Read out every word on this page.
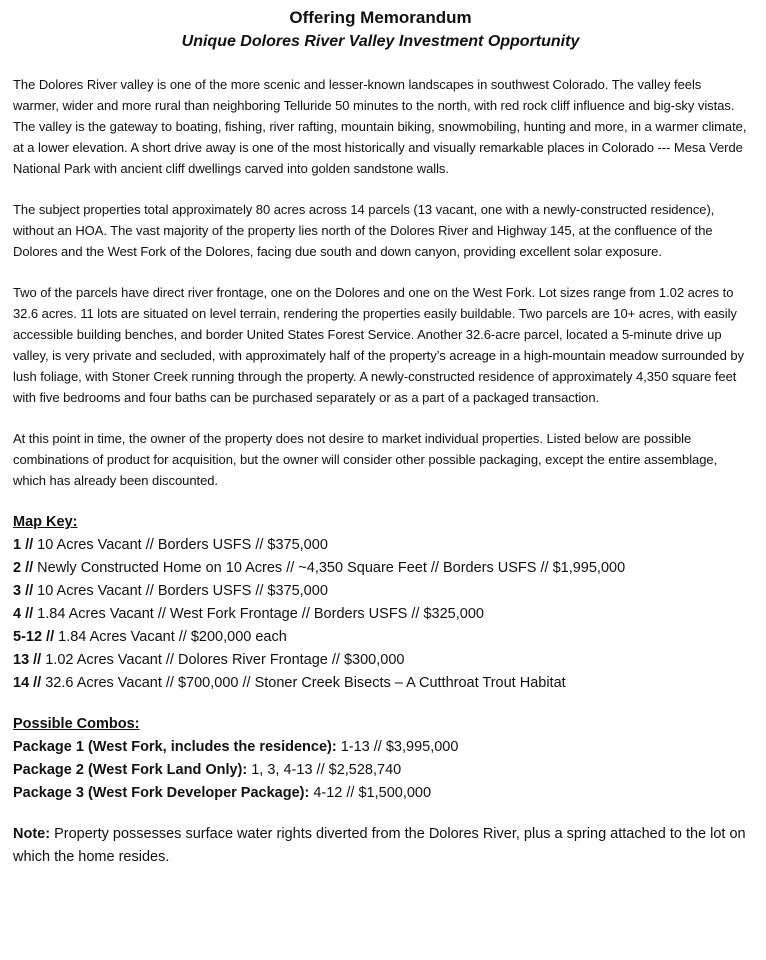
Offering Memorandum
Unique Dolores River Valley Investment Opportunity

The Dolores River valley is one of the more scenic and lesser-known landscapes in southwest Colorado. The valley feels warmer, wider and more rural than neighboring Telluride 50 minutes to the north, with red rock cliff influence and big-sky vistas. The valley is the gateway to boating, fishing, river rafting, mountain biking, snowmobiling, hunting and more, in a warmer climate, at a lower elevation. A short drive away is one of the most historically and visually remarkable places in Colorado --- Mesa Verde National Park with ancient cliff dwellings carved into golden sandstone walls.

The subject properties total approximately 80 acres across 14 parcels (13 vacant, one with a newly-constructed residence), without an HOA. The vast majority of the property lies north of the Dolores River and Highway 145, at the confluence of the Dolores and the West Fork of the Dolores, facing due south and down canyon, providing excellent solar exposure.

Two of the parcels have direct river frontage, one on the Dolores and one on the West Fork. Lot sizes range from 1.02 acres to 32.6 acres. 11 lots are situated on level terrain, rendering the properties easily buildable. Two parcels are 10+ acres, with easily accessible building benches, and border United States Forest Service. Another 32.6-acre parcel, located a 5-minute drive up valley, is very private and secluded, with approximately half of the property’s acreage in a high-mountain meadow surrounded by lush foliage, with Stoner Creek running through the property. A newly-constructed residence of approximately 4,350 square feet with five bedrooms and four baths can be purchased separately or as a part of a packaged transaction.

At this point in time, the owner of the property does not desire to market individual properties. Listed below are possible combinations of product for acquisition, but the owner will consider other possible packaging, except the entire assemblage, which has already been discounted.

Map Key:
1 // 10 Acres Vacant // Borders USFS // $375,000
2 // Newly Constructed Home on 10 Acres // ~4,350 Square Feet // Borders USFS // $1,995,000
3 // 10 Acres Vacant // Borders USFS // $375,000
4 // 1.84 Acres Vacant // West Fork Frontage // Borders USFS // $325,000
5-12 // 1.84 Acres Vacant // $200,000 each
13 // 1.02 Acres Vacant // Dolores River Frontage // $300,000
14 // 32.6 Acres Vacant // $700,000 // Stoner Creek Bisects – A Cutthroat Trout Habitat
Possible Combos:
Package 1 (West Fork, includes the residence): 1-13 // $3,995,000
Package 2 (West Fork Land Only): 1, 3, 4-13 // $2,528,740
Package 3 (West Fork Developer Package): 4-12 // $1,500,000

Note: Property possesses surface water rights diverted from the Dolores River, plus a spring attached to the lot on which the home resides.
